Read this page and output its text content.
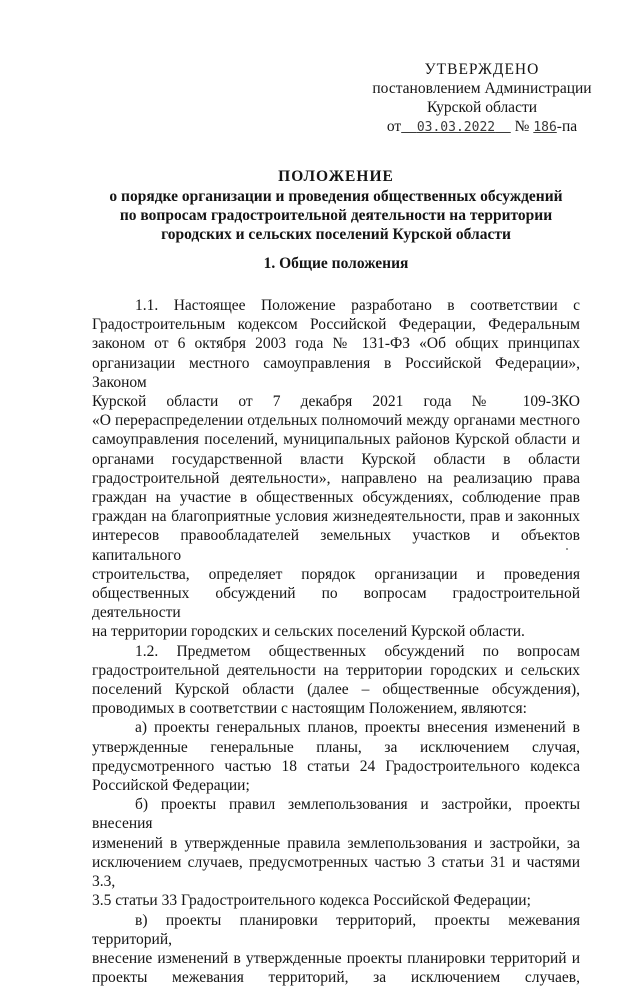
УТВЕРЖДЕНО
постановлением Администрации
Курской области
от 03.03.2022 № 186-па
ПОЛОЖЕНИЕ
о порядке организации и проведения общественных обсуждений
по вопросам градостроительной деятельности на территории
городских и сельских поселений Курской области
1. Общие положения

1.1. Настоящее Положение разработано в соответствии с

Градостроительным кодексом Российской Федерации, Федеральным

законом от 6 октября 2003 года № 131-ФЗ «Об общих принципах

организации местного самоуправления в Российской Федерации», Законом

Курской области от 7 декабря 2021 года № 109-ЗКО

«О перераспределении отдельных полномочий между органами местного

самоуправления поселений, муниципальных районов Курской области и

органами государственной власти Курской области в области

градостроительной деятельности», направлено на реализацию права

граждан на участие в общественных обсуждениях, соблюдение прав

граждан на благоприятные условия жизнедеятельности, прав и законных

интересов правообладателей земельных участков и объектов капитального

строительства, определяет порядок организации и проведения

общественных обсуждений по вопросам градостроительной деятельности

на территории городских и сельских поселений Курской области.

1.2. Предметом общественных обсуждений по вопросам

градостроительной деятельности на территории городских и сельских

поселений Курской области (далее – общественные обсуждения),

проводимых в соответствии с настоящим Положением, являются:

а) проекты генеральных планов, проекты внесения изменений в

утвержденные генеральные планы, за исключением случая,

предусмотренного частью 18 статьи 24 Градостроительного кодекса

Российской Федерации;

б) проекты правил землепользования и застройки, проекты внесения

изменений в утвержденные правила землепользования и застройки, за

исключением случаев, предусмотренных частью 3 статьи 31 и частями 3.3,

3.5 статьи 33 Градостроительного кодекса Российской Федерации;

в) проекты планировки территорий, проекты межевания территорий,

внесение изменений в утвержденные проекты планировки территорий и

проекты межевания территорий, за исключением случаев,
